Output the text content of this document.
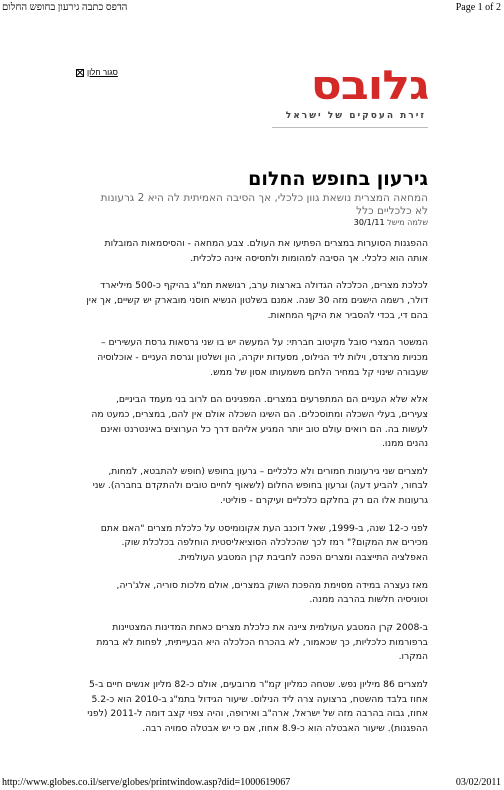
הדפס כתבה גירעון בחופש החלום	Page 1 of 2
סגור חלון	גלובס
זירת העסקים של ישראל
גירעון בחופש החלום
המחאה המצרית נושאת גוון כלכלי, אך הסיבה האמיתית לה היא 2 גרעונות לא כלכליים כלל
שלמה מישל 30/1/11

ההפגנות הסוערות במצרים הפתיעו את העולם. צבע המחאה - והסיסמאות המובלות אותה הוא כלכלי. אך הסיבה למהומות ולתסיסה אינה כלכלית.

לכלכת מצרים, הכלכלה הגדולה בארצות ערב, רגושאת תמ"ג בהיקף כ-500 מיליארד דולר, רשמה הישגים מזה 30 שנה. אמנם בשלטון הנשיא חוסני מובארק יש קשיים, אך אין בהם די, בכדי להסביר את היקף המחאות.

המשטר המצרי סובל מקיטוב חברתי: על המעשה יש בו שני גרסאות גרסת העשירים – מכניות מרצדס, וילות ליד הנילוס, מסעדות יוקרה, הון ושלטון וגרסת העניים - אוכלוסיה שעבורה שינוי קל במחיר הלחם משמעותו אסון של ממש.

אלא שלא העניים הם המתפרעים במצרים. המפגינים הם לרוב בני מעמד הביניים, צעירים, בעלי השכלה ומתוסכלים. הם השיגו השכלה אולם אין להם, במצרים, כמעט מה לעשות בה. הם רואים עולם טוב יותר המגיע אליהם דרך כל הערוצים באינטרנט ואינם נהנים ממנו.

למצרים שני גירעונות חמורים ולא כלכליים – גרעון בחופש (חופש להתבטא, למחות, לבחור, להביע דעה) וגרעון בחופש החלום (לשאוף לחיים טובים ולהתקדם בחברה). שני גרעונות אלו הם רק בחלקם כלכליים ועיקרם - פוליטי.

לפני כ-12 שנה, ב-1999, שאל דוכנב העת אקונומיסט על כלכלת מצרים "האם אתם מכירים את המקום?" רמז לכך שהכלכלה הסוציאליסטית הוחלפה בכלכלת שוק. האפלציה התייצבה ומצרים הפכה לחביבת קרן המטבע העולמית.

מאז נעצרה במידה מסוימת מהפכת השוק במצרים, אולם מלכות סוריה, אלג'ריה, וטוניסיה חלשות בהרבה ממנה.

ב-2008 קרן המטבע העולמית ציינה את כלכלת מצרים כאחת המדינות המצטיינות ברפורמות כלכליות, כך שכאמור, לא בהכרח הכלכלה היא הבעייתית, לפחות לא ברמת המקרו.

למצרים 86 מיליון נפש. שטחה כמליון קמ"ר מרובעים, אולם כ-82 מליון אנשים חיים ב-5 אחוז בלבד מהשטח, ברצועה צרה ליד הנילוס. שיעור הגידול בתמ"ג ב-2010 הוא כ-5.2 אחוז, גבוה בהרבה מזה של ישראל, ארה"ב ואירופה, והיה צפוי קצב דומה ל-2011 (לפני ההפגנות). שיעור האבטלה הוא כ-8.9 אחוז, אם כי יש אבטלה סמויה רבה.

http://www.globes.co.il/serve/globes/printwindow.asp?did=1000619067	03/02/2011
